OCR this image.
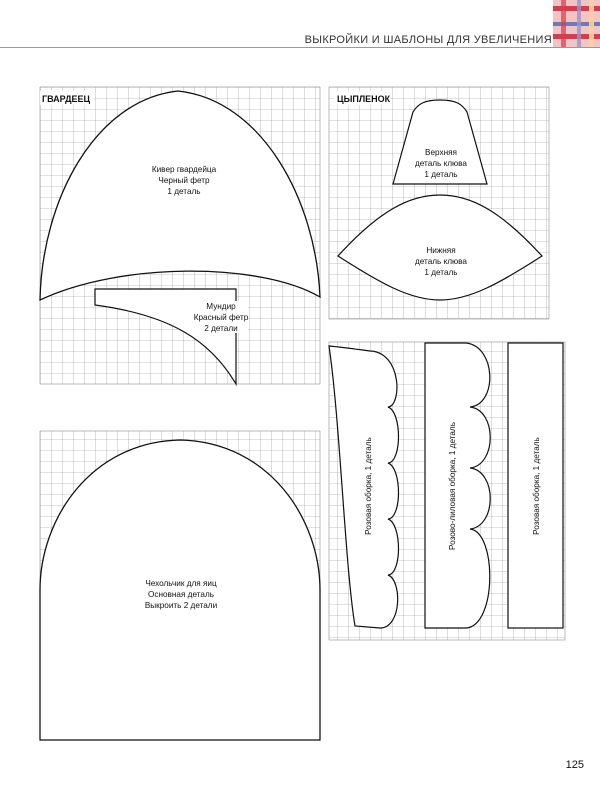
ВЫКРОЙКИ И ШАБЛОНЫ ДЛЯ УВЕЛИЧЕНИЯ
ГВАРДЕЕЦ
Кивер гвардейца
Черный фетр
1 деталь
Мундир
Красный фетр
2 детали
ЦЫПЛЕНОК
Верхняя
деталь клюва
1 деталь
Нижняя
деталь клюва
1 деталь
Чехольчик для яиц
Основная деталь
Выкроить 2 детали
Розовая оборка, 1 деталь	Розово-лиловая оборка, 1 деталь	Розовая оборка, 1 деталь
125
